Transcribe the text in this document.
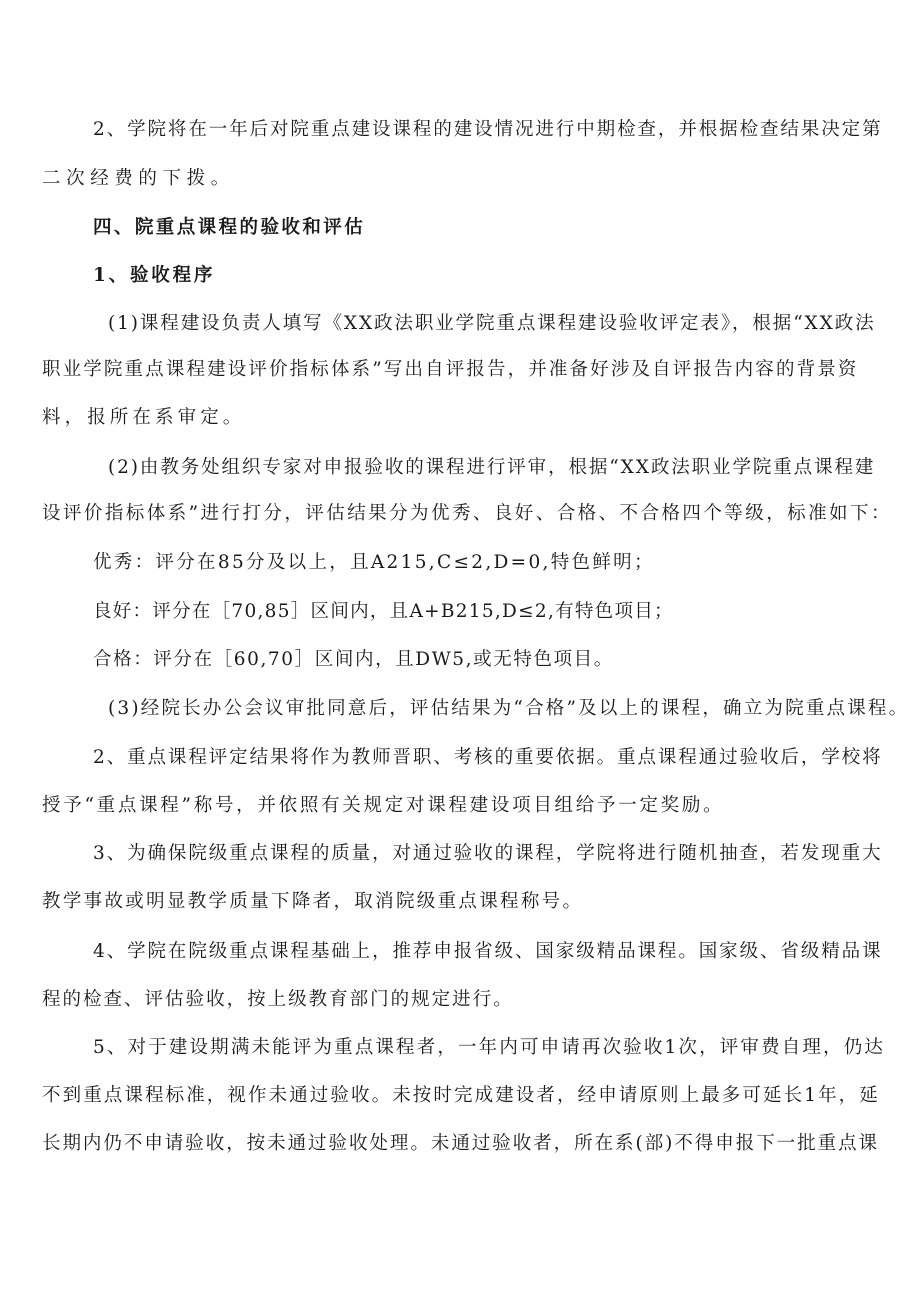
2、学院将在一年后对院重点建设课程的建设情况进行中期检查，并根据检查结果决定第
二次经费的下拨。
四、院重点课程的验收和评估
1、验收程序
(1)课程建设负责人填写《XX政法职业学院重点课程建设验收评定表》，根据“XX政法
职业学院重点课程建设评价指标体系”写出自评报告，并准备好涉及自评报告内容的背景资
料，报所在系审定。
(2)由教务处组织专家对申报验收的课程进行评审，根据“XX政法职业学院重点课程建
设评价指标体系”进行打分，评估结果分为优秀、良好、合格、不合格四个等级，标准如下：
优秀：评分在85分及以上，且A215,C≤2,D=0,特色鲜明；
良好：评分在［70,85］区间内，且A+B215,D≤2,有特色项目；
合格：评分在［60,70］区间内，且DW5,或无特色项目。
(3)经院长办公会议审批同意后，评估结果为“合格”及以上的课程，确立为院重点课程。
2、重点课程评定结果将作为教师晋职、考核的重要依据。重点课程通过验收后，学校将
授予“重点课程”称号，并依照有关规定对课程建设项目组给予一定奖励。
3、为确保院级重点课程的质量，对通过验收的课程，学院将进行随机抽查，若发现重大
教学事故或明显教学质量下降者，取消院级重点课程称号。
4、学院在院级重点课程基础上，推荐申报省级、国家级精品课程。国家级、省级精品课
程的检查、评估验收，按上级教育部门的规定进行。
5、对于建设期满未能评为重点课程者，一年内可申请再次验收1次，评审费自理，仍达
不到重点课程标准，视作未通过验收。未按时完成建设者，经申请原则上最多可延长1年，延
长期内仍不申请验收，按未通过验收处理。未通过验收者，所在系(部)不得申报下一批重点课
